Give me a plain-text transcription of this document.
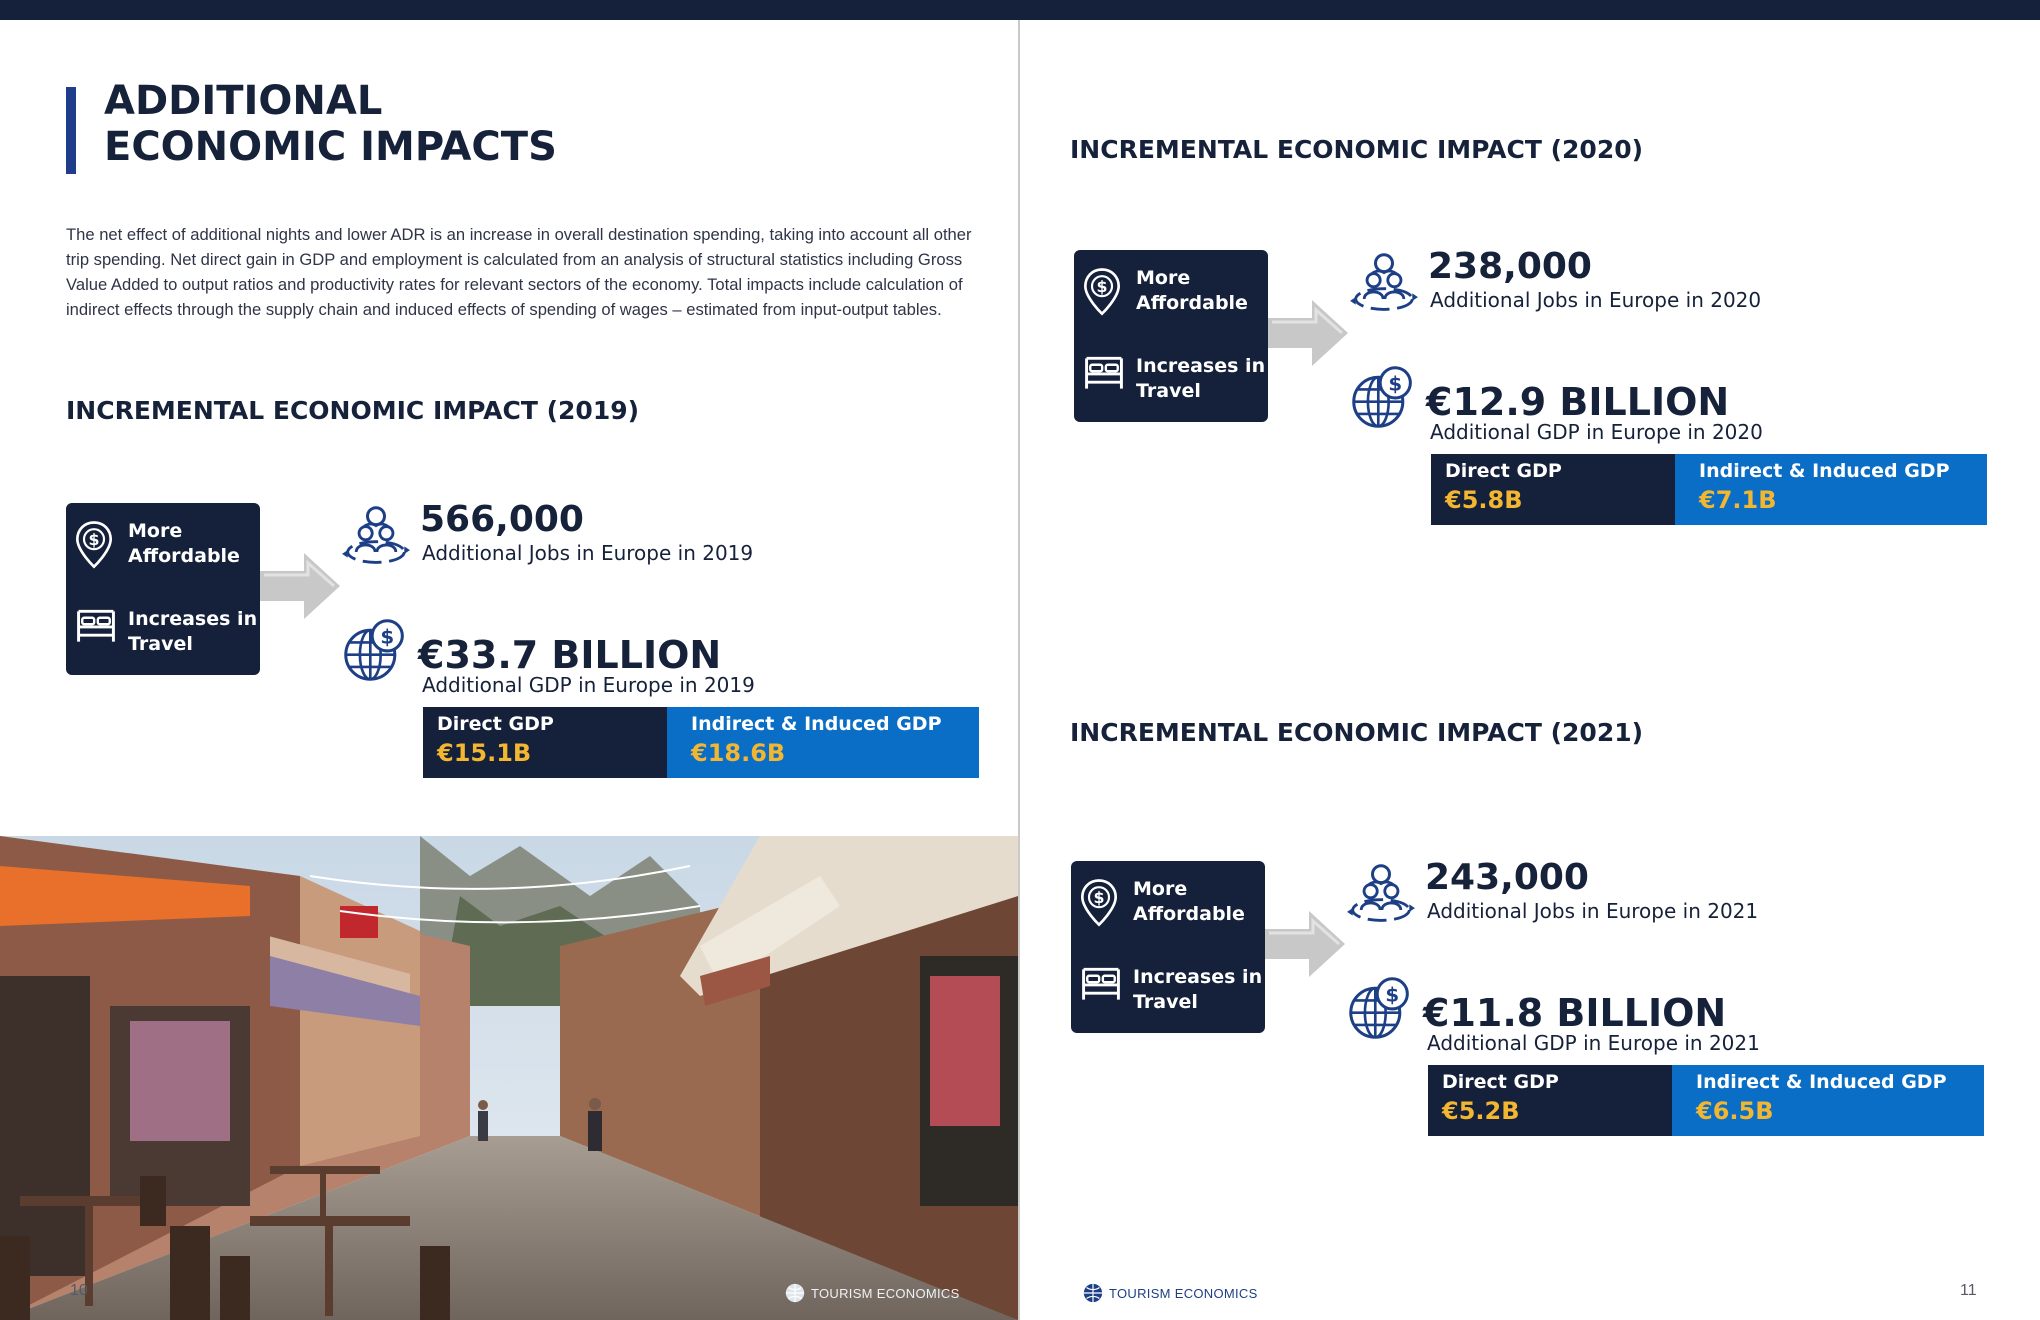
ADDITIONAL
ECONOMIC IMPACTS

The net effect of additional nights and lower ADR is an increase in overall destination spending, taking into account all other trip spending. Net direct gain in GDP and employment is calculated from an analysis of structural statistics including Gross Value Added to output ratios and productivity rates for relevant sectors of the economy. Total impacts include calculation of indirect effects through the supply chain and induced effects of spending of wages – estimated from input-output tables.

INCREMENTAL ECONOMIC IMPACT (2019)
More Affordable
Increases in Travel
566,000
Additional Jobs in Europe in 2019
€33.7 BILLION
Additional GDP in Europe in 2019
Direct GDP
€15.1B
Indirect & Induced GDP
€18.6B
10	TOURISM ECONOMICS
INCREMENTAL ECONOMIC IMPACT (2020)
More Affordable
Increases in Travel
238,000
Additional Jobs in Europe in 2020
€12.9 BILLION
Additional GDP in Europe in 2020
Direct GDP
€5.8B
Indirect & Induced GDP
€7.1B
INCREMENTAL ECONOMIC IMPACT (2021)
More Affordable
Increases in Travel
243,000
Additional Jobs in Europe in 2021
€11.8 BILLION
Additional GDP in Europe in 2021
Direct GDP
€5.2B
Indirect & Induced GDP
€6.5B
TOURISM ECONOMICS	11
